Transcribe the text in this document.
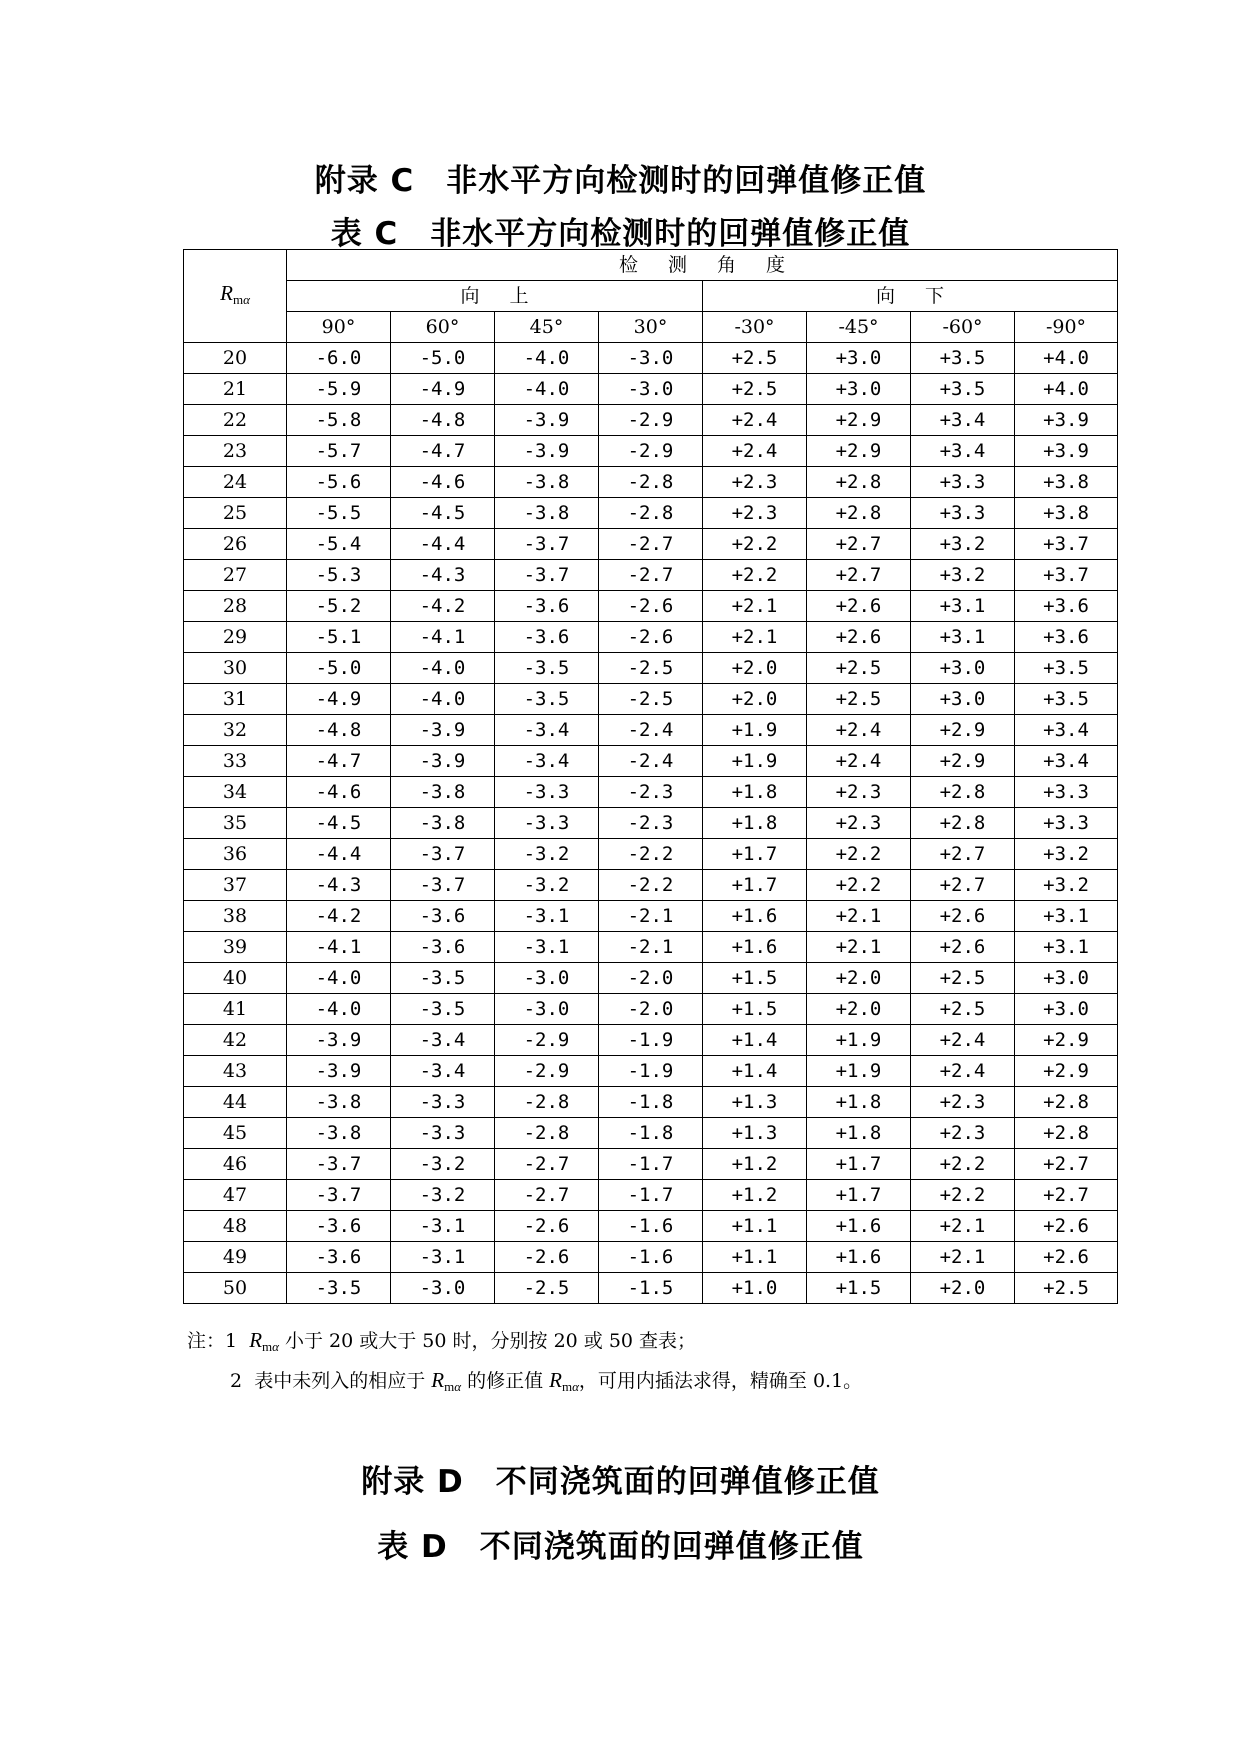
附录 C　非水平方向检测时的回弹值修正值
表 C　非水平方向检测时的回弹值修正值
$R_{m\alpha}$	检测角度							
	向上				向下			
	90°	60°	45°	30°	-30°	-45°	-60°	-90°
20	-6.0	-5.0	-4.0	-3.0	+2.5	+3.0	+3.5	+4.0
21	-5.9	-4.9	-4.0	-3.0	+2.5	+3.0	+3.5	+4.0
22	-5.8	-4.8	-3.9	-2.9	+2.4	+2.9	+3.4	+3.9
23	-5.7	-4.7	-3.9	-2.9	+2.4	+2.9	+3.4	+3.9
24	-5.6	-4.6	-3.8	-2.8	+2.3	+2.8	+3.3	+3.8
25	-5.5	-4.5	-3.8	-2.8	+2.3	+2.8	+3.3	+3.8
26	-5.4	-4.4	-3.7	-2.7	+2.2	+2.7	+3.2	+3.7
27	-5.3	-4.3	-3.7	-2.7	+2.2	+2.7	+3.2	+3.7
28	-5.2	-4.2	-3.6	-2.6	+2.1	+2.6	+3.1	+3.6
29	-5.1	-4.1	-3.6	-2.6	+2.1	+2.6	+3.1	+3.6
30	-5.0	-4.0	-3.5	-2.5	+2.0	+2.5	+3.0	+3.5
31	-4.9	-4.0	-3.5	-2.5	+2.0	+2.5	+3.0	+3.5
32	-4.8	-3.9	-3.4	-2.4	+1.9	+2.4	+2.9	+3.4
33	-4.7	-3.9	-3.4	-2.4	+1.9	+2.4	+2.9	+3.4
34	-4.6	-3.8	-3.3	-2.3	+1.8	+2.3	+2.8	+3.3
35	-4.5	-3.8	-3.3	-2.3	+1.8	+2.3	+2.8	+3.3
36	-4.4	-3.7	-3.2	-2.2	+1.7	+2.2	+2.7	+3.2
37	-4.3	-3.7	-3.2	-2.2	+1.7	+2.2	+2.7	+3.2
38	-4.2	-3.6	-3.1	-2.1	+1.6	+2.1	+2.6	+3.1
39	-4.1	-3.6	-3.1	-2.1	+1.6	+2.1	+2.6	+3.1
40	-4.0	-3.5	-3.0	-2.0	+1.5	+2.0	+2.5	+3.0
41	-4.0	-3.5	-3.0	-2.0	+1.5	+2.0	+2.5	+3.0
42	-3.9	-3.4	-2.9	-1.9	+1.4	+1.9	+2.4	+2.9
43	-3.9	-3.4	-2.9	-1.9	+1.4	+1.9	+2.4	+2.9
44	-3.8	-3.3	-2.8	-1.8	+1.3	+1.8	+2.3	+2.8
45	-3.8	-3.3	-2.8	-1.8	+1.3	+1.8	+2.3	+2.8
46	-3.7	-3.2	-2.7	-1.7	+1.2	+1.7	+2.2	+2.7
47	-3.7	-3.2	-2.7	-1.7	+1.2	+1.7	+2.2	+2.7
48	-3.6	-3.1	-2.6	-1.6	+1.1	+1.6	+2.1	+2.6
49	-3.6	-3.1	-2.6	-1.6	+1.1	+1.6	+2.1	+2.6
50	-3.5	-3.0	-2.5	-1.5	+1.0	+1.5	+2.0	+2.5
注：1 $R_{m\alpha}$ 小于 20 或大于 50 时，分别按 20 或 50 查表；
2 表中未列入的相应于 $R_{m\alpha}$ 的修正值 $R_{m\alpha}$，可用内插法求得，精确至 0.1。
附录 D　不同浇筑面的回弹值修正值
表 D　不同浇筑面的回弹值修正值
